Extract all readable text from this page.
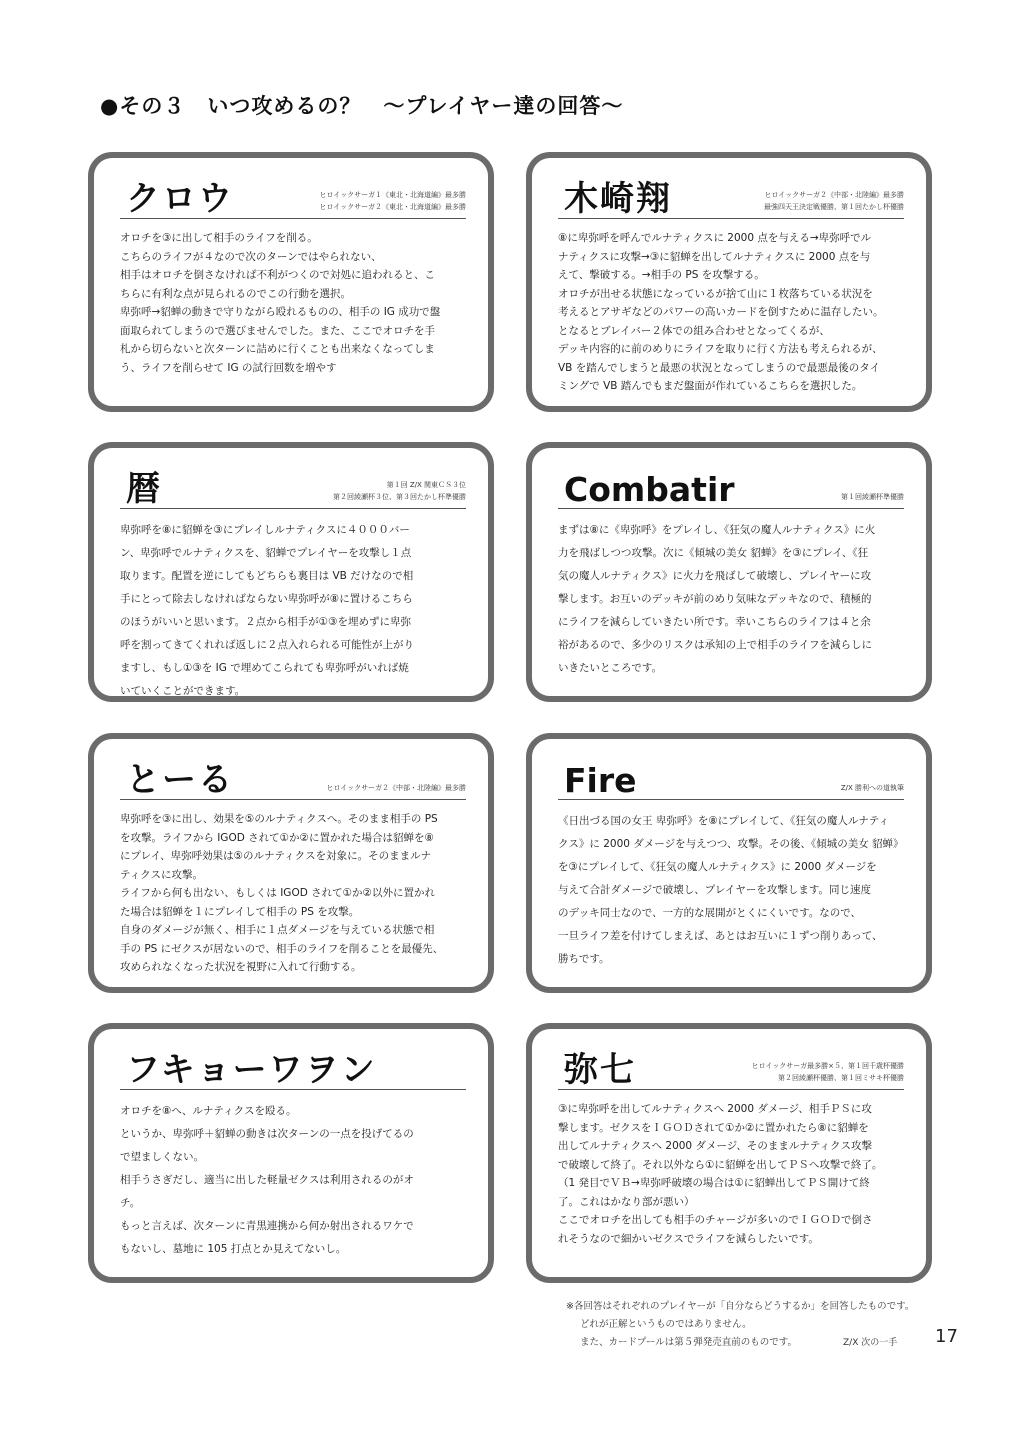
●その３　いつ攻めるの？　～プレイヤー達の回答～
クロウ	ヒロイックサーガ１《東北・北海道編》最多勝
ヒロイックサーガ２《東北・北海道編》最多勝

オロチを③に出して相手のライフを削る。

こちらのライフが４なので次のターンではやられない、

相手はオロチを倒さなければ不利がつくので対処に追われると、こ

ちらに有利な点が見られるのでこの行動を選択。

卑弥呼→貂蝉の動きで守りながら殴れるものの、相手の IG 成功で盤

面取られてしまうので選びませんでした。また、ここでオロチを手

札から切らないと次ターンに詰めに行くことも出来なくなってしま

う、ライフを削らせて IG の試行回数を増やす

木崎翔	ヒロイックサーガ２《中部・北陸編》最多勝
最強四天王決定戦優勝、第１回たかし杯優勝

⑧に卑弥呼を呼んでルナティクスに 2000 点を与える→卑弥呼でル

ナティクスに攻撃→③に貂蝉を出してルナティクスに 2000 点を与

えて、撃破する。→相手の PS を攻撃する。

オロチが出せる状態になっているが捨て山に１枚落ちている状況を

考えるとアサギなどのパワーの高いカードを倒すために温存したい。

となるとブレイバー２体での組み合わせとなってくるが、

デッキ内容的に前のめりにライフを取りに行く方法も考えられるが、

VB を踏んでしまうと最悪の状況となってしまうので最悪最後のタイ

ミングで VB 踏んでもまだ盤面が作れているこちらを選択した。

暦	第１回 Z/X 関東ＣＳ３位
第２回綾瀬杯３位、第３回たかし杯準優勝

卑弥呼を⑧に貂蝉を③にプレイしルナティクスに４０００バー

ン、卑弥呼でルナティクスを、貂蝉でプレイヤーを攻撃し１点

取ります。配置を逆にしてもどちらも裏目は VB だけなので相

手にとって除去しなければならない卑弥呼が⑧に置けるこちら

のほうがいいと思います。２点から相手が①③を埋めずに卑弥

呼を割ってきてくれれば返しに２点入れられる可能性が上がり

ますし、もし①③を IG で埋めてこられても卑弥呼がいれば焼

いていくことができます。

Combatir	第１回綾瀬杯準優勝

まずは⑧に《卑弥呼》をプレイし、《狂気の魔人ルナティクス》に火

力を飛ばしつつ攻撃。次に《傾城の美女 貂蝉》を③にプレイ、《狂

気の魔人ルナティクス》に火力を飛ばして破壊し、プレイヤーに攻

撃します。お互いのデッキが前のめり気味なデッキなので、積極的

にライフを減らしていきたい所です。幸いこちらのライフは４と余

裕があるので、多少のリスクは承知の上で相手のライフを減らしに

いきたいところです。

とーる	ヒロイックサーガ２《中部・北陸編》最多勝

卑弥呼を③に出し、効果を⑤のルナティクスへ。そのまま相手の PS

を攻撃。ライフから IGOD されて①か②に置かれた場合は貂蝉を⑧

にプレイ、卑弥呼効果は⑤のルナティクスを対象に。そのままルナ

ティクスに攻撃。

ライフから何も出ない、もしくは IGOD されて①か②以外に置かれ

た場合は貂蝉を１にプレイして相手の PS を攻撃。

自身のダメージが無く、相手に１点ダメージを与えている状態で相

手の PS にゼクスが居ないので、相手のライフを削ることを最優先、

攻められなくなった状況を視野に入れて行動する。

Fire	Z/X 勝利への道執筆

《日出づる国の女王 卑弥呼》を⑧にプレイして、《狂気の魔人ルナティ

クス》に 2000 ダメージを与えつつ、攻撃。その後、《傾城の美女 貂蝉》

を③にプレイして、《狂気の魔人ルナティクス》に 2000 ダメージを

与えて合計ダメージで破壊し、プレイヤーを攻撃します。同じ速度

のデッキ同士なので、一方的な展開がとくにくいです。なので、

一旦ライフ差を付けてしまえば、あとはお互いに１ずつ削りあって、

勝ちです。

フキョーワヲン

オロチを⑧へ、ルナティクスを殴る。

というか、卑弥呼＋貂蝉の動きは次ターンの一点を投げてるの

で望ましくない。

相手うさぎだし、適当に出した軽量ゼクスは利用されるのがオ

チ。

もっと言えば、次ターンに青黒連携から何か射出されるワケで

もないし、墓地に 105 打点とか見えてないし。

弥七	ヒロイックサーガ最多勝×５、第１回千歳杯優勝
第２回綾瀬杯優勝、第１回ミサキ杯優勝

③に卑弥呼を出してルナティクスへ 2000 ダメージ、相手ＰＳに攻

撃します。ゼクスをＩＧＯＤされて①か②に置かれたら⑧に貂蝉を

出してルナティクスへ 2000 ダメージ、そのままルナティクス攻撃

で破壊して終了。それ以外なら①に貂蝉を出してＰＳへ攻撃で終了。

（1 発目でＶＢ→卑弥呼破壊の場合は①に貂蝉出してＰＳ開けて終

了。これはかなり部が悪い）

ここでオロチを出しても相手のチャージが多いのでＩＧＯＤで倒さ

れそうなので細かいゼクスでライフを減らしたいです。

※各回答はそれぞれのプレイヤーが「自分ならどうするか」を回答したものです。

どれが正解というものではありません。

また、カードプールは第５弾発売直前のものです。	Z/X 次の一手 17
